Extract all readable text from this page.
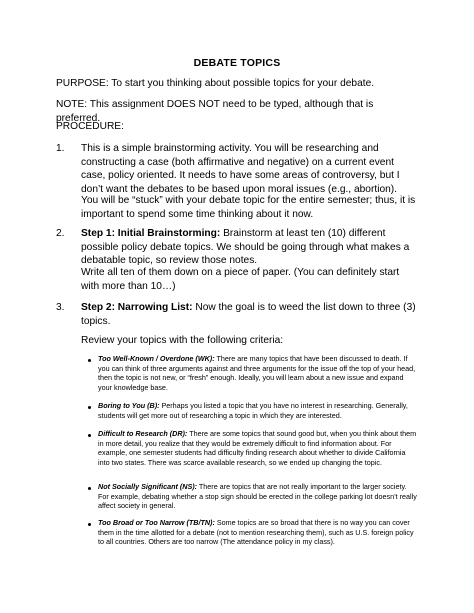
DEBATE TOPICS
PURPOSE: To start you thinking about possible topics for your debate.
NOTE: This assignment DOES NOT need to be typed, although that is preferred.
PROCEDURE:
1. This is a simple brainstorming activity. You will be researching and constructing a case (both affirmative and negative) on a current event case, policy oriented. It needs to have some areas of controversy, but I don’t want the debates to be based upon moral issues (e.g., abortion).
You will be “stuck” with your debate topic for the entire semester; thus, it is important to spend some time thinking about it now.
2. Step 1: Initial Brainstorming: Brainstorm at least ten (10) different possible policy debate topics. We should be going through what makes a debatable topic, so review those notes.
Write all ten of them down on a piece of paper. (You can definitely start with more than 10…)
3. Step 2: Narrowing List: Now the goal is to weed the list down to three (3) topics.
Review your topics with the following criteria:
Too Well-Known / Overdone (WK): There are many topics that have been discussed to death. If you can think of three arguments against and three arguments for the issue off the top of your head, then the topic is not new, or “fresh” enough. Ideally, you will learn about a new issue and expand your knowledge base.
Boring to You (B): Perhaps you listed a topic that you have no interest in researching. Generally, students will get more out of researching a topic in which they are interested.
Difficult to Research (DR): There are some topics that sound good but, when you think about them in more detail, you realize that they would be extremely difficult to find information about. For example, one semester students had difficulty finding research about whether to divide California into two states. There was scarce available research, so we ended up changing the topic.
Not Socially Significant (NS): There are topics that are not really important to the larger society. For example, debating whether a stop sign should be erected in the college parking lot doesn’t really affect society in general.
Too Broad or Too Narrow (TB/TN): Some topics are so broad that there is no way you can cover them in the time allotted for a debate (not to mention researching them), such as U.S. foreign policy to all countries. Others are too narrow (The attendance policy in my class).
